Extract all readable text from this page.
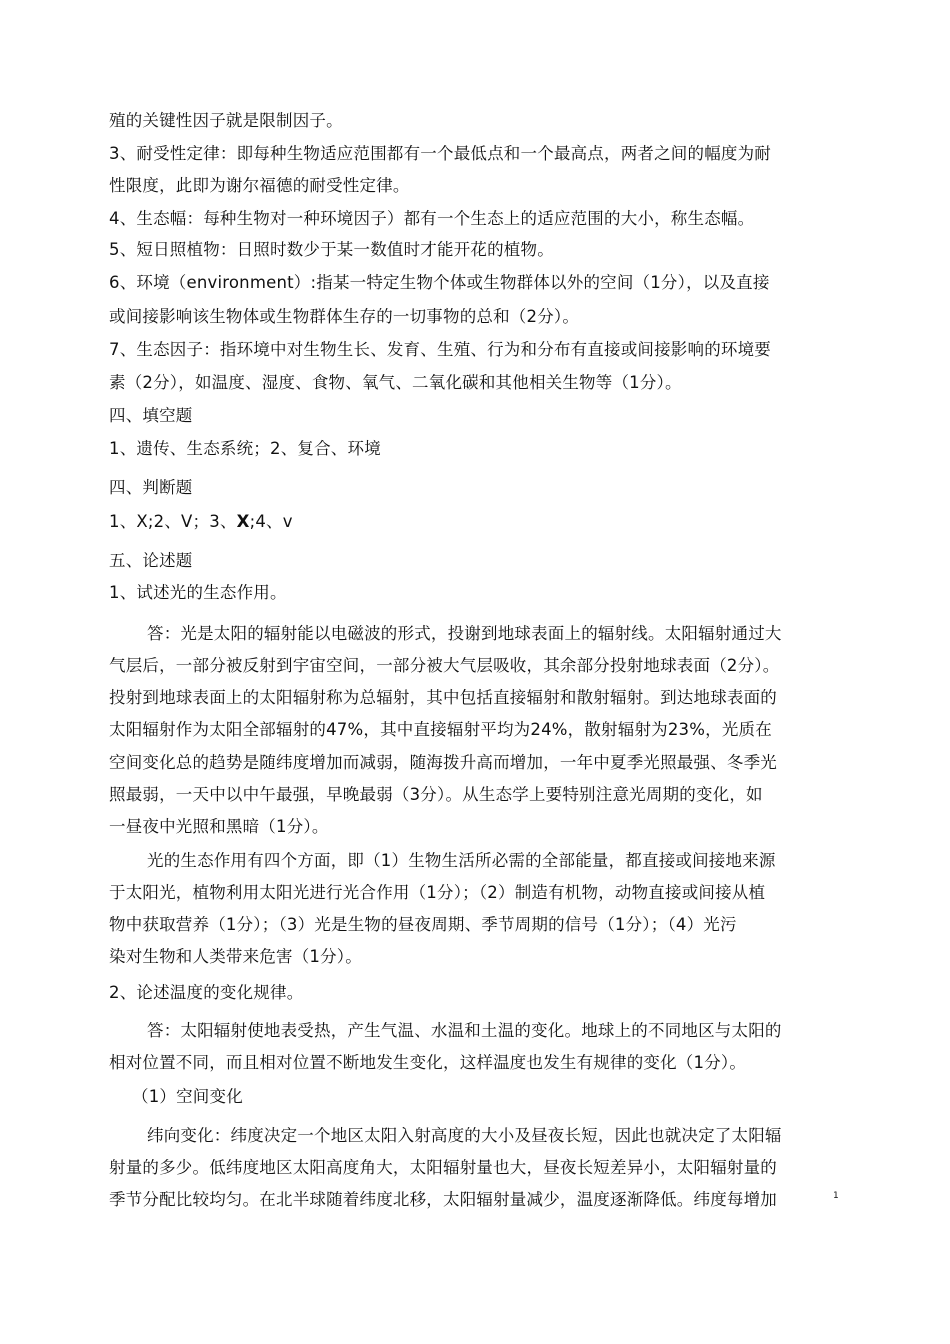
殖的关键性因子就是限制因子。
3、耐受性定律：即每种生物适应范围都有一个最低点和一个最高点，两者之间的幅度为耐
性限度，此即为谢尔福德的耐受性定律。
4、生态幅：每种生物对一种环境因子）都有一个生态上的适应范围的大小，称生态幅。
5、短日照植物：日照时数少于某一数值时才能开花的植物。
6、环境（environment）:指某一特定生物个体或生物群体以外的空间（1分），以及直接
或间接影响该生物体或生物群体生存的一切事物的总和（2分）。
7、生态因子：指环境中对生物生长、发育、生殖、行为和分布有直接或间接影响的环境要
素（2分），如温度、湿度、食物、氧气、二氧化碳和其他相关生物等（1分）。
四、填空题
1、遗传、生态系统；2、复合、环境
四、判断题
1、X;2、V；3、X;4、v
五、论述题
1、试述光的生态作用。
答：光是太阳的辐射能以电磁波的形式，投谢到地球表面上的辐射线。太阳辐射通过大
气层后，一部分被反射到宇宙空间，一部分被大气层吸收，其余部分投射地球表面（2分）。
投射到地球表面上的太阳辐射称为总辐射，其中包括直接辐射和散射辐射。到达地球表面的
太阳辐射作为太阳全部辐射的47%，其中直接辐射平均为24%，散射辐射为23%，光质在
空间变化总的趋势是随纬度增加而减弱，随海拨升高而增加，一年中夏季光照最强、冬季光
照最弱，一天中以中午最强，早晚最弱（3分）。从生态学上要特别注意光周期的变化，如
一昼夜中光照和黑暗（1分）。
光的生态作用有四个方面，即（1）生物生活所必需的全部能量，都直接或间接地来源
于太阳光，植物利用太阳光进行光合作用（1分）；（2）制造有机物，动物直接或间接从植
物中获取营养（1分）；（3）光是生物的昼夜周期、季节周期的信号（1分）；（4）光污
染对生物和人类带来危害（1分）。
2、论述温度的变化规律。
答：太阳辐射使地表受热，产生气温、水温和土温的变化。地球上的不同地区与太阳的
相对位置不同，而且相对位置不断地发生变化，这样温度也发生有规律的变化（1分）。
（1）空间变化
纬向变化：纬度决定一个地区太阳入射高度的大小及昼夜长短，因此也就决定了太阳辐
射量的多少。低纬度地区太阳高度角大，太阳辐射量也大，昼夜长短差异小，太阳辐射量的
季节分配比较均匀。在北半球随着纬度北移，太阳辐射量减少，温度逐渐降低。纬度每增加	1
